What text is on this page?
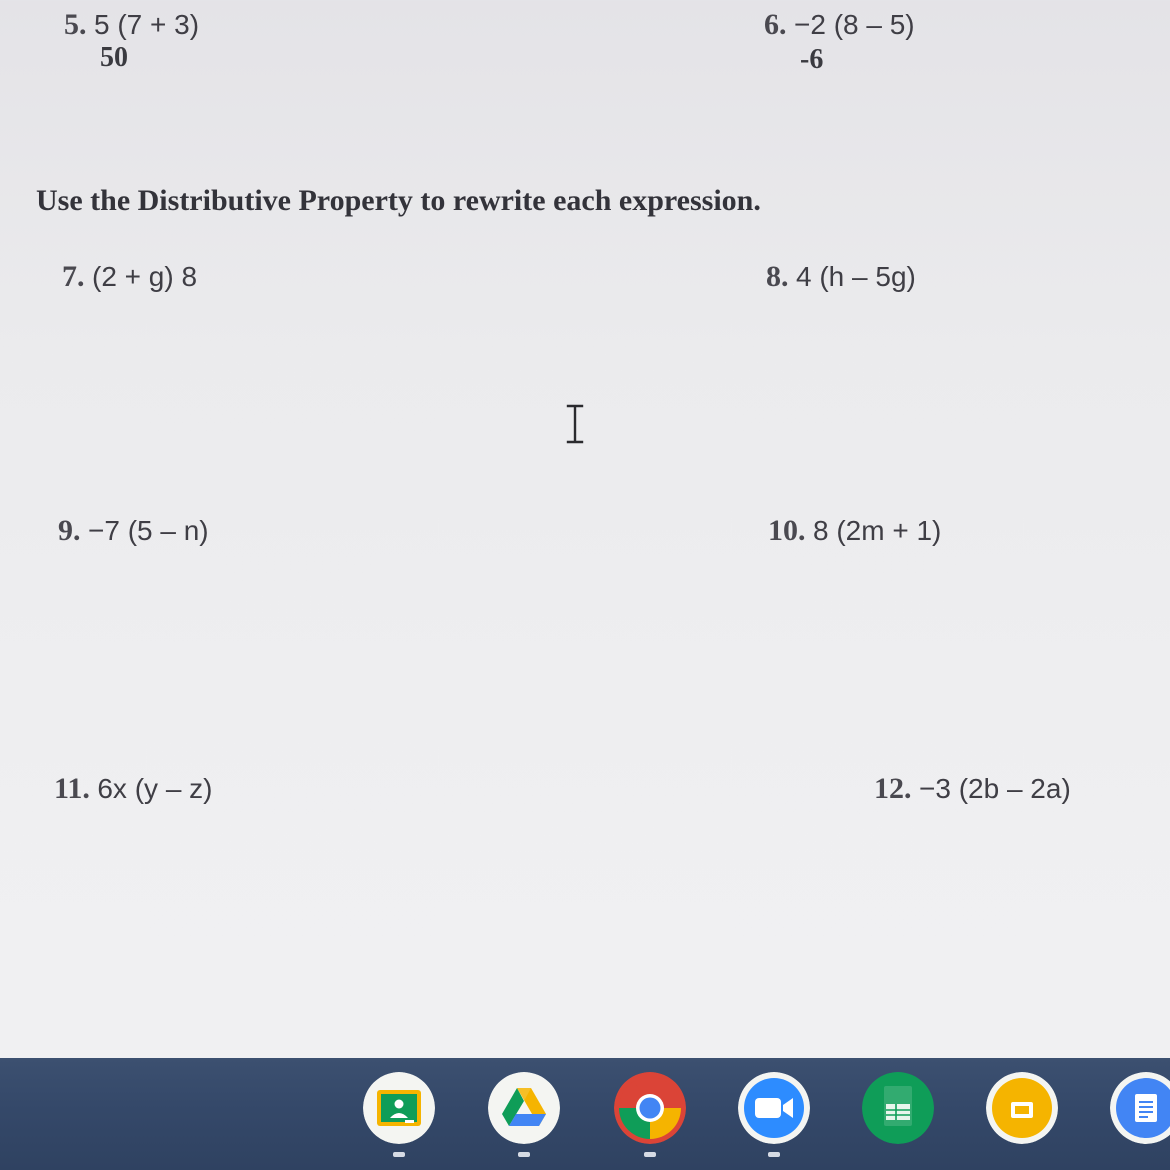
5. 5 (7 + 3)
50
6. −2 (8 – 5)
-6
Use the Distributive Property to rewrite each expression.
7. (2 + g) 8	8. 4 (h – 5g)
9. −7 (5 – n)	10. 8 (2m + 1)
11. 6x (y – z)	12. −3 (2b – 2a)
